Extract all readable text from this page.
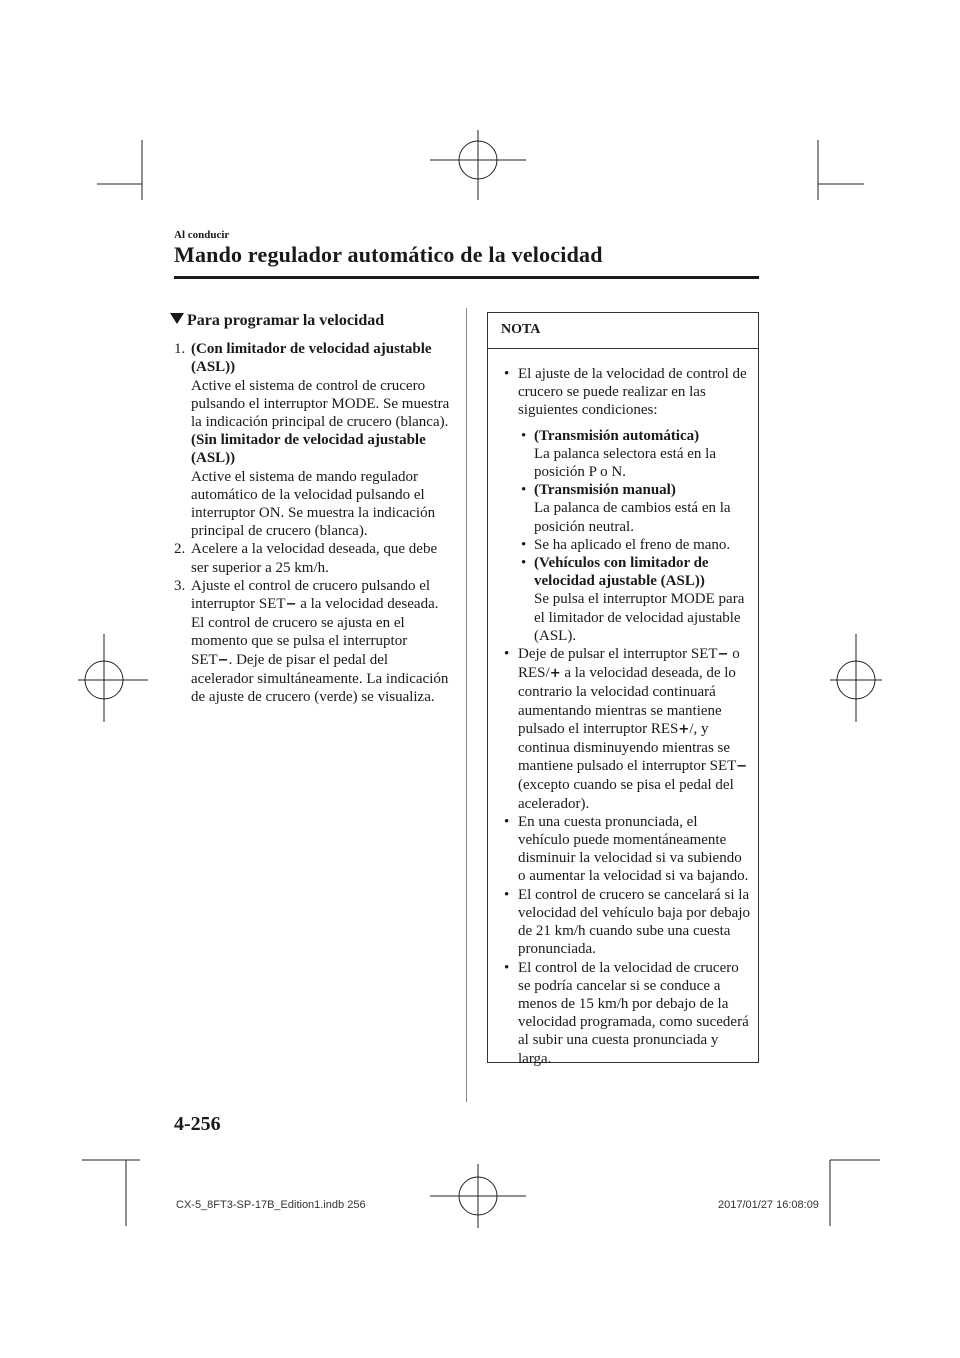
Al conducir
Mando regulador automático de la velocidad
Para programar la velocidad
1. (Con limitador de velocidad ajustable (ASL))
Active el sistema de control de crucero pulsando el interruptor MODE. Se muestra la indicación principal de crucero (blanca).
(Sin limitador de velocidad ajustable (ASL))
Active el sistema de mando regulador automático de la velocidad pulsando el interruptor ON. Se muestra la indicación principal de crucero (blanca).
2. Acelere a la velocidad deseada, que debe ser superior a 25 km/h.
3. Ajuste el control de crucero pulsando el interruptor SET− a la velocidad deseada. El control de crucero se ajusta en el momento que se pulsa el interruptor SET−. Deje de pisar el pedal del acelerador simultáneamente. La indicación de ajuste de crucero (verde) se visualiza.
NOTA
• El ajuste de la velocidad de control de crucero se puede realizar en las siguientes condiciones:
• (Transmisión automática)
La palanca selectora está en la posición P o N.
• (Transmisión manual)
La palanca de cambios está en la posición neutral.
• Se ha aplicado el freno de mano.
• (Vehículos con limitador de velocidad ajustable (ASL))
Se pulsa el interruptor MODE para el limitador de velocidad ajustable (ASL).
• Deje de pulsar el interruptor SET− o RES/+ a la velocidad deseada, de lo contrario la velocidad continuará aumentando mientras se mantiene pulsado el interruptor RES+/, y continua disminuyendo mientras se mantiene pulsado el interruptor SET− (excepto cuando se pisa el pedal del acelerador).
• En una cuesta pronunciada, el vehículo puede momentáneamente disminuir la velocidad si va subiendo o aumentar la velocidad si va bajando.
• El control de crucero se cancelará si la velocidad del vehículo baja por debajo de 21 km/h cuando sube una cuesta pronunciada.
• El control de la velocidad de crucero se podría cancelar si se conduce a menos de 15 km/h por debajo de la velocidad programada, como sucederá al subir una cuesta pronunciada y larga.
4-256
CX-5_8FT3-SP-17B_Edition1.indb 256	2017/01/27 16:08:09
